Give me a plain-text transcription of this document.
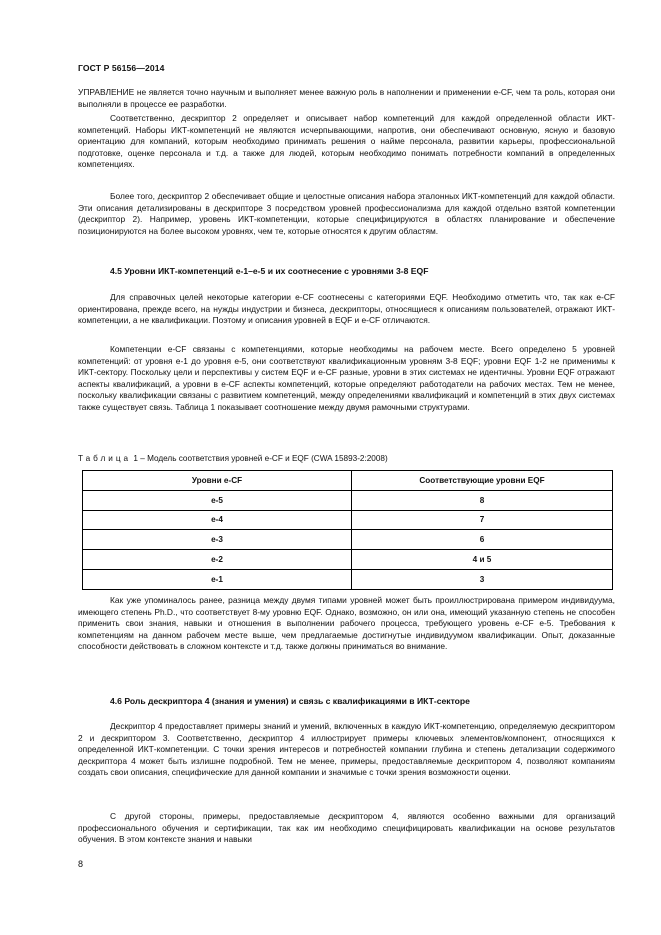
ГОСТ Р 56156—2014

УПРАВЛЕНИЕ не является точно научным и выполняет менее важную роль в наполнении и применении e-CF, чем та роль, которая они выполняли в процессе ее разработки.

Соответственно, дескриптор 2 определяет и описывает набор компетенций для каждой определенной области ИКТ-компетенций. Наборы ИКТ-компетенций не являются исчерпывающими, напротив, они обеспечивают основную, ясную и базовую ориентацию для компаний, которым необходимо принимать решения о найме персонала, развитии карьеры, профессиональной подготовке, оценке персонала и т.д. а также для людей, которым необходимо понимать потребности компаний в определенных компетенциях.

Более того, дескриптор 2 обеспечивает общие и целостные описания набора эталонных ИКТ-компетенций для каждой области. Эти описания детализированы в дескрипторе 3 посредством уровней профессионализма для каждой отдельно взятой компетенции (дескриптор 2). Например, уровень ИКТ-компетенции, которые специфицируются в областях планирование и обеспечение позиционируются на более высоком уровнях, чем те, которые относятся к другим областям.

4.5 Уровни ИКТ-компетенций е-1–е-5 и их соотнесение с уровнями 3-8 EQF

Для справочных целей некоторые категории e-CF соотнесены с категориями EQF. Необходимо отметить что, так как e-CF ориентирована, прежде всего, на нужды индустрии и бизнеса, дескрипторы, относящиеся к описаниям пользователей, отражают ИКТ-компетенции, а не квалификации. Поэтому и описания уровней в EQF и e-CF отличаются.

Компетенции e-CF связаны с компетенциями, которые необходимы на рабочем месте. Всего определено 5 уровней компетенций: от уровня е-1 до уровня е-5, они соответствуют квалификационным уровням 3-8 EQF; уровни EQF 1-2 не применимы к ИКТ-сектору. Поскольку цели и перспективы у систем EQF и e-CF разные, уровни в этих системах не идентичны. Уровни EQF отражают аспекты квалификаций, а уровни в e-CF аспекты компетенций, которые определяют работодатели на рабочих местах. Тем не менее, поскольку квалификации связаны с развитием компетенций, между определениями квалификаций и компетенций в этих двух системах также существует связь. Таблица 1 показывает соотношение между двумя рамочными структурами.

Таблица 1 – Модель соответствия уровней e-CF и EQF (CWA 15893-2:2008)
Уровни е-CF	Соответствующие уровни EQF
е-5	8
е-4	7
е-3	6
е-2	4 и 5
е-1	3

Как уже упоминалось ранее, разница между двумя типами уровней может быть проиллюстрирована примером индивидуума, имеющего степень Ph.D., что соответствует 8-му уровню EQF. Однако, возможно, он или она, имеющий указанную степень не способен применить свои знания, навыки и отношения в выполнении рабочего процесса, требующего уровень e-CF е-5. Требования к компетенциям на данном рабочем месте выше, чем предлагаемые достигнутые индивидуумом квалификации. Опыт, доказанные способности действовать в сложном контексте и т.д. также должны приниматься во внимание.

4.6 Роль дескриптора 4 (знания и умения) и связь с квалификациями в ИКТ-секторе

Дескриптор 4 предоставляет примеры знаний и умений, включенных в каждую ИКТ-компетенцию, определяемую дескриптором 2 и дескриптором 3. Соответственно, дескриптор 4 иллюстрирует примеры ключевых элементов/компонент, относящихся к определенной ИКТ-компетенции. С точки зрения интересов и потребностей компании глубина и степень детализации содержимого дескриптора 4 может быть излишне подробной. Тем не менее, примеры, предоставляемые дескриптором 4, позволяют компаниям создать свои описания, специфические для данной компании и значимые с точки зрения возможности оценки.

С другой стороны, примеры, предоставляемые дескриптором 4, являются особенно важными для организаций профессионального обучения и сертификации, так как им необходимо специфицировать квалификации на основе результатов обучения. В этом контексте знания и навыки

8
